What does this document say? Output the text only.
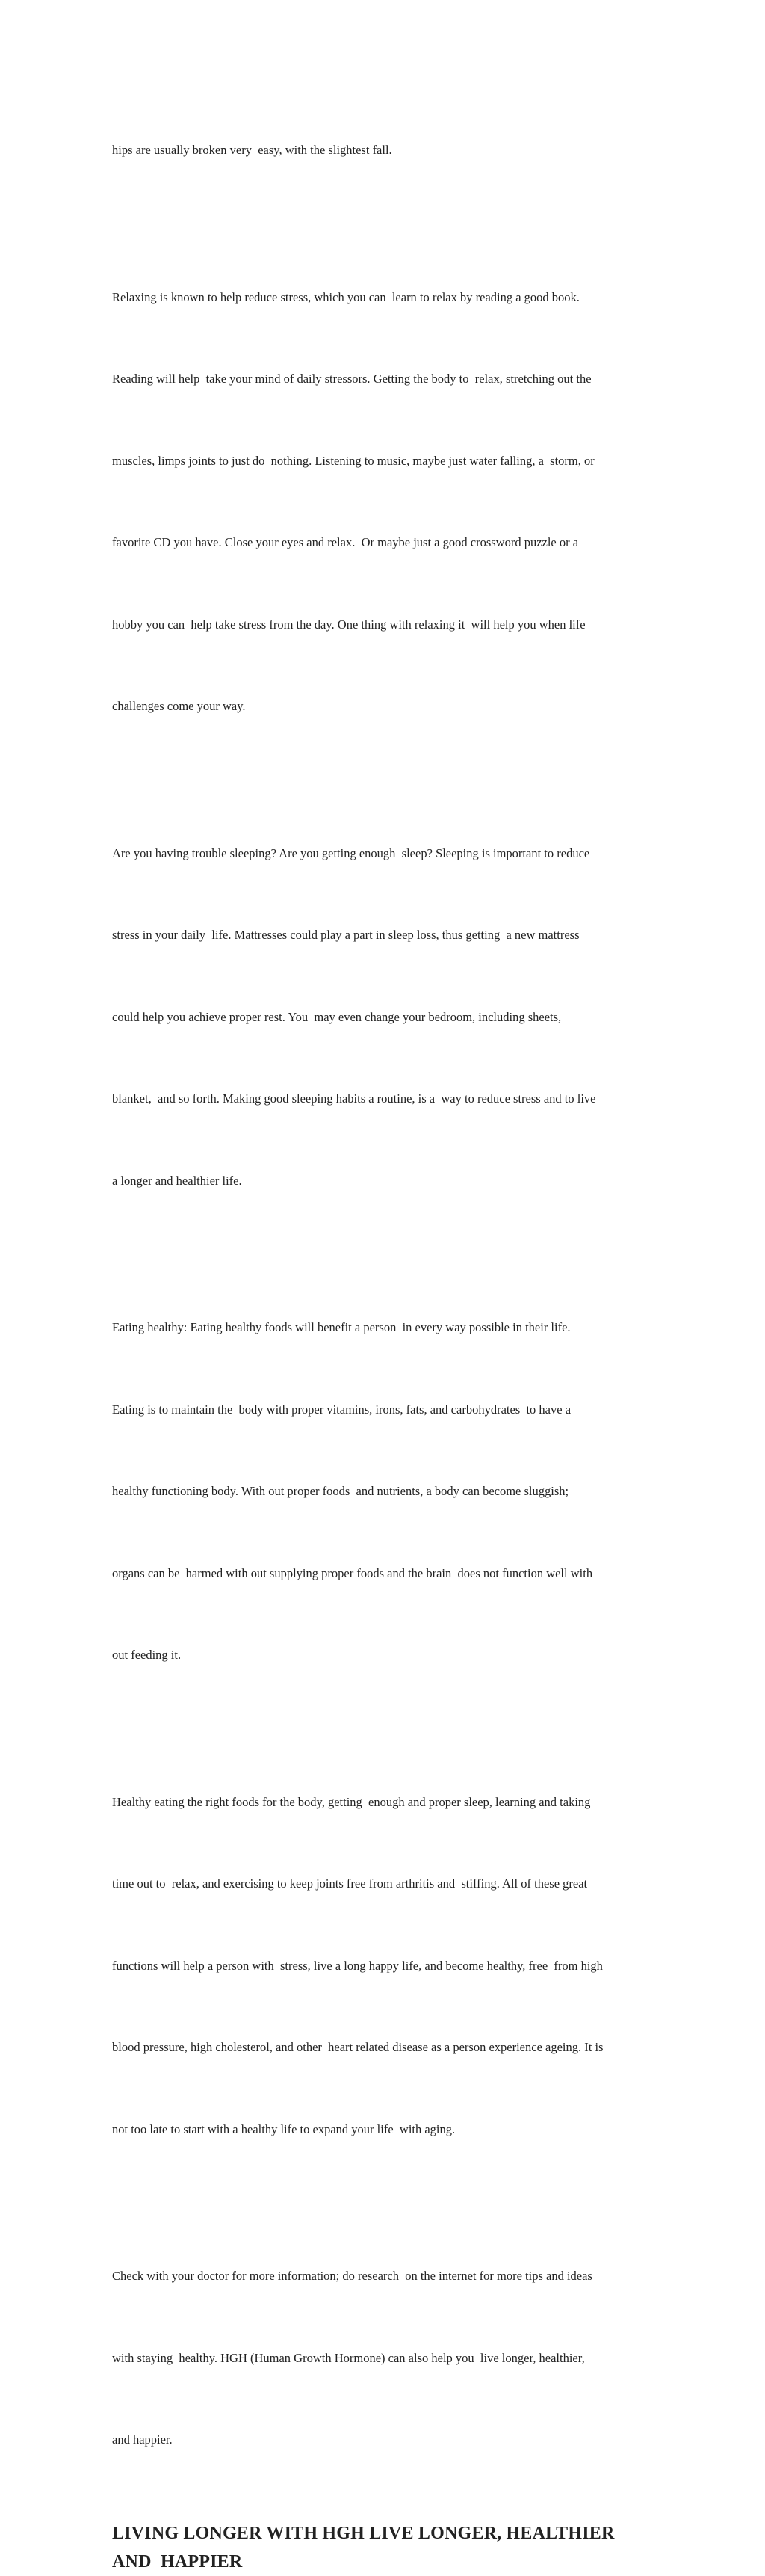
hips are usually broken very  easy, with the slightest fall.

Relaxing is known to help reduce stress, which you can  learn to relax by reading a good book.

Reading will help  take your mind of daily stressors. Getting the body to  relax, stretching out the

muscles, limps joints to just do  nothing. Listening to music, maybe just water falling, a  storm, or

favorite CD you have. Close your eyes and relax.  Or maybe just a good crossword puzzle or a

hobby you can  help take stress from the day. One thing with relaxing it  will help you when life

challenges come your way.

Are you having trouble sleeping? Are you getting enough  sleep? Sleeping is important to reduce

stress in your daily  life. Mattresses could play a part in sleep loss, thus getting  a new mattress

could help you achieve proper rest. You  may even change your bedroom, including sheets,

blanket,  and so forth. Making good sleeping habits a routine, is a  way to reduce stress and to live

a longer and healthier life.

Eating healthy: Eating healthy foods will benefit a person  in every way possible in their life.

Eating is to maintain the  body with proper vitamins, irons, fats, and carbohydrates  to have a

healthy functioning body. With out proper foods  and nutrients, a body can become sluggish;

organs can be  harmed with out supplying proper foods and the brain  does not function well with

out feeding it.

Healthy eating the right foods for the body, getting  enough and proper sleep, learning and taking

time out to  relax, and exercising to keep joints free from arthritis and  stiffing. All of these great

functions will help a person with  stress, live a long happy life, and become healthy, free  from high

blood pressure, high cholesterol, and other  heart related disease as a person experience ageing. It is

not too late to start with a healthy life to expand your life  with aging.

Check with your doctor for more information; do research  on the internet for more tips and ideas

with staying  healthy. HGH (Human Growth Hormone) can also help you  live longer, healthier,

and happier.

LIVING LONGER WITH HGH LIVE LONGER, HEALTHIER
AND  HAPPIER
